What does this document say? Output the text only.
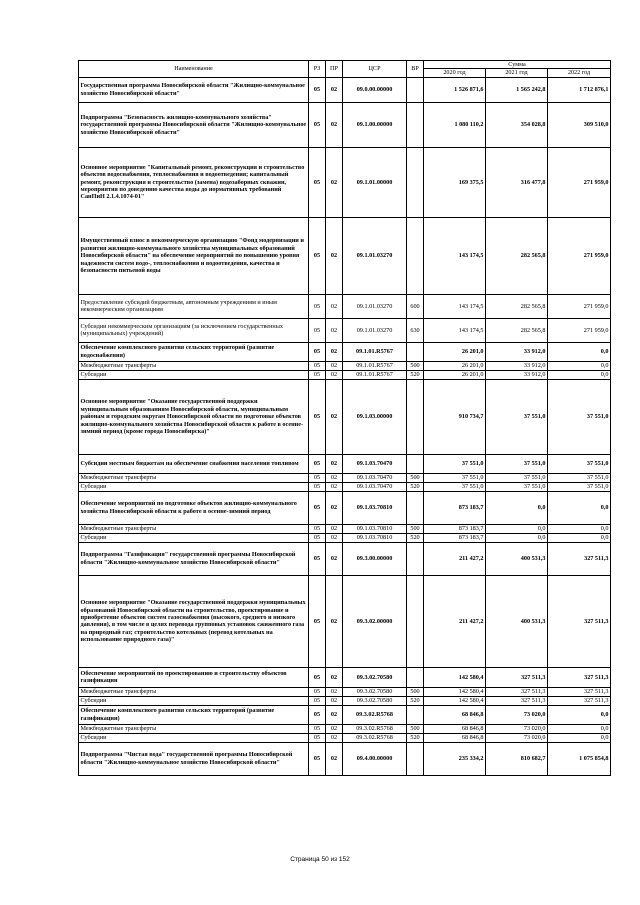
Наименование	РЗ	ПР	ЦСР	ВР	Сумма		
					2020 год	2021 год	2022 год
Государственная программа Новосибирской области "Жилищно-коммунальное хозяйство Новосибирской области"	05	02	09.0.00.00000		1 526 871,6	1 565 242,8	1 712 876,1
Подпрограмма "Безопасность жилищно-коммунального хозяйства" государственной программы Новосибирской области "Жилищно-коммунальное хозяйство Новосибирской области"	05	02	09.1.00.00000		1 080 110,2	354 028,8	309 510,0
Основное мероприятие "Капитальный ремонт, реконструкция и строительство объектов водоснабжения, теплоснабжения и водоотведения; капитальный ремонт, реконструкция и строительство (замена) водозаборных скважин, мероприятия по доведению качества воды до нормативных требований СанПиН 2.1.4.1074-01"	05	02	09.1.01.00000		169 375,5	316 477,8	271 959,0
Имущественный взнос в некоммерческую организацию "Фонд модернизации и развития жилищно-коммунального хозяйства муниципальных образований Новосибирской области" на обеспечение мероприятий по повышению уровня надежности систем водо-, теплоснабжения и водоотведения, качества и безопасности питьевой воды	05	02	09.1.01.03270		143 174,5	282 565,8	271 959,0
Предоставление субсидий бюджетным, автономным учреждениям и иным некоммерческим организациям	05	02	09.1.01.03270	600	143 174,5	282 565,8	271 959,0
Субсидии некоммерческим организациям (за исключением государственных (муниципальных) учреждений)	05	02	09.1.01.03270	630	143 174,5	282 565,8	271 959,0
Обеспечение комплексного развития сельских территорий (развитие водоснабжения)	05	02	09.1.01.R5767		26 201,0	33 912,0	0,0
Межбюджетные трансферты	05	02	09.1.01.R5767	500	26 201,0	33 912,0	0,0
Субсидии	05	02	09.1.01.R5767	520	26 201,0	33 912,0	0,0
Основное мероприятие "Оказание государственной поддержки муниципальным образованиям Новосибирской области, муниципальным районам и городским округам Новосибирской области по подготовке объектов жилищно-коммунального хозяйства Новосибирской области к работе в осенне-зимний период (кроме города Новосибирска)"	05	02	09.1.03.00000		910 734,7	37 551,0	37 551,0
Субсидии местным бюджетам на обеспечение снабжения населения топливом	05	02	09.1.03.70470		37 551,0	37 551,0	37 551,0
Межбюджетные трансферты	05	02	09.1.03.70470	500	37 551,0	37 551,0	37 551,0
Субсидии	05	02	09.1.03.70470	520	37 551,0	37 551,0	37 551,0
Обеспечение мероприятий по подготовке объектов жилищно-коммунального хозяйства Новосибирской области к работе в осенне-зимний период	05	02	09.1.03.70810		873 183,7	0,0	0,0
Межбюджетные трансферты	05	02	09.1.03.70810	500	873 183,7	0,0	0,0
Субсидии	05	02	09.1.03.70810	520	873 183,7	0,0	0,0
Подпрограмма "Газификация" государственной программы Новосибирской области "Жилищно-коммунальное хозяйство Новосибирской области"	05	02	09.3.00.00000		211 427,2	400 531,3	327 511,3
Основное мероприятие "Оказание государственной поддержки муниципальных образований Новосибирской области на строительство, проектирование и приобретение объектов систем газоснабжения (высокого, среднего и низкого давления), в том числе в целях перевода групповых установок сжиженного газа на природный газ; строительство котельных (перевод котельных на использование природного газа)"	05	02	09.3.02.00000		211 427,2	400 531,3	327 511,3
Обеспечение мероприятий по проектированию и строительству объектов газификации	05	02	09.3.02.70580		142 580,4	327 511,3	327 511,3
Межбюджетные трансферты	05	02	09.3.02.70580	500	142 580,4	327 511,3	327 511,3
Субсидии	05	02	09.3.02.70580	520	142 580,4	327 511,3	327 511,3
Обеспечение комплексного развития сельских территорий (развитие газификации)	05	02	09.3.02.R5768		68 846,8	73 020,0	0,0
Межбюджетные трансферты	05	02	09.3.02.R5768	500	68 846,8	73 020,0	0,0
Субсидии	05	02	09.3.02.R5768	520	68 846,8	73 020,0	0,0
Подпрограмма "Чистая вода" государственной программы Новосибирской области "Жилищно-коммунальное хозяйство Новосибирской области"	05	02	09.4.00.00000		235 334,2	810 682,7	1 075 854,8
Страница 50 из 152
